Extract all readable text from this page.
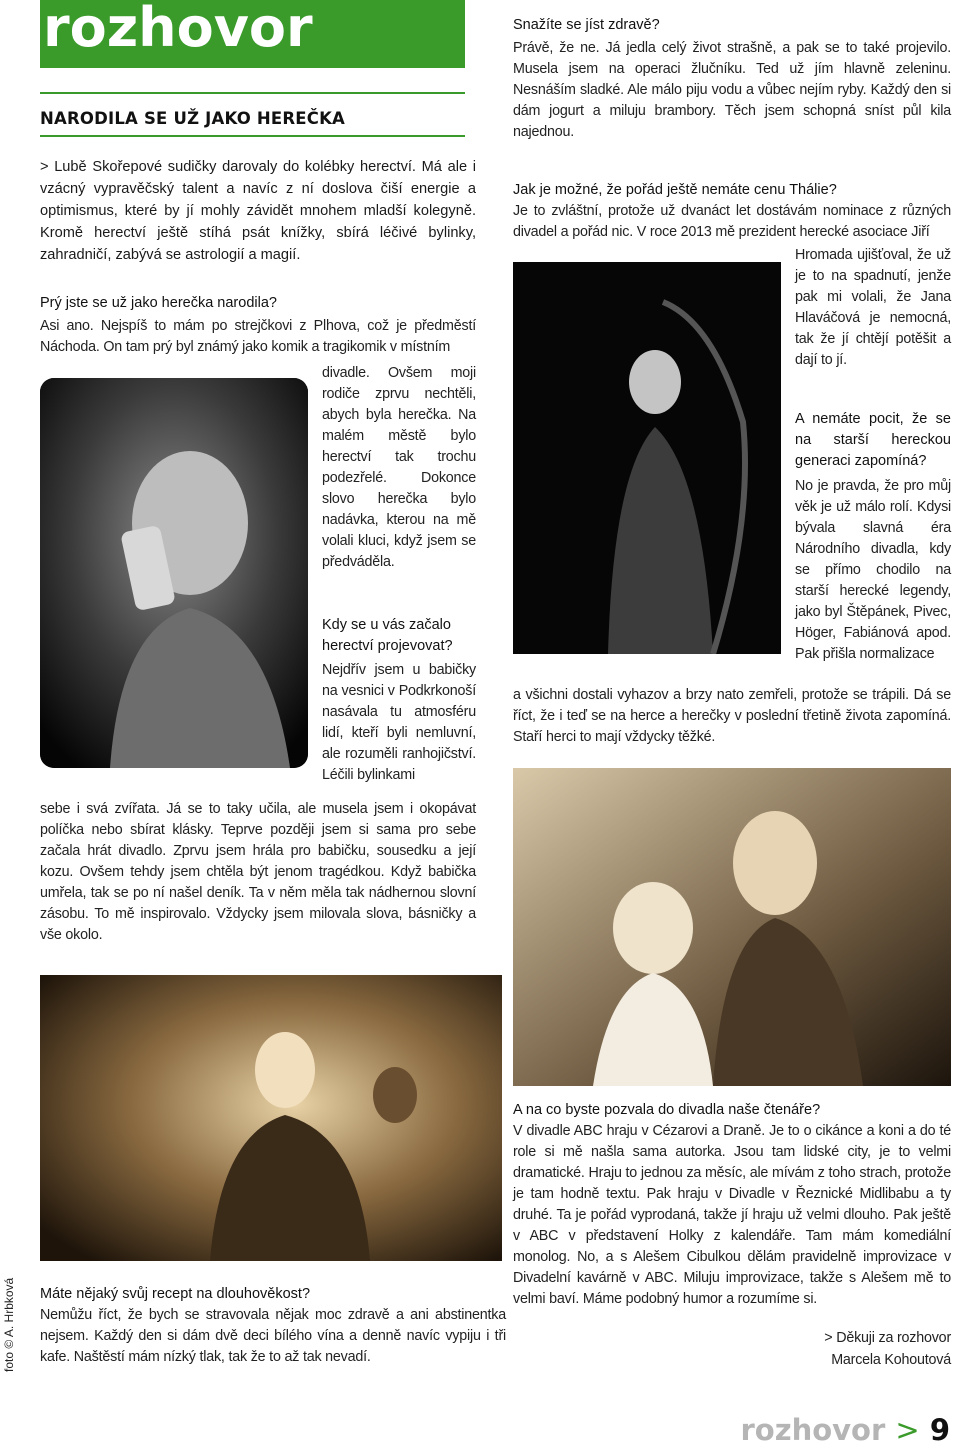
rozhovor
NARODILA SE UŽ JAKO HEREČKA
> Lubě Skořepové sudičky darovaly do kolébky herectví. Má ale i vzácný vypravěčský talent a navíc z ní doslova čiší energie a optimismus, které by jí mohly závidět mnohem mladší kolegyně. Kromě herectví ještě stíhá psát knížky, sbírá léčivé bylinky, zahradničí, zabývá se astrologií a magií.
Prý jste se už jako herečka narodila?
Asi ano. Nejspíš to mám po strejčkovi z Plhova, což je předměstí Náchoda. On tam prý byl známý jako komik a tragikomik v místním
divadle. Ovšem moji rodiče zprvu nechtěli, abych byla herečka. Na malém městě bylo herectví tak trochu podezřelé. Dokonce slovo herečka bylo nadávka, kterou na mě volali kluci, když jsem se předváděla.
Kdy se u vás začalo herectví projevovat?
Nejdřív jsem u babičky na vesnici v Podkrkonoší nasávala tu atmosféru lidí, kteří byli nemluvní, ale rozuměli ranhojičství. Léčili bylinkami
sebe i svá zvířata. Já se to taky učila, ale musela jsem i okopávat políčka nebo sbírat klásky. Teprve později jsem si sama pro sebe začala hrát divadlo. Zprvu jsem hrála pro babičku, sousedku a její kozu. Ovšem tehdy jsem chtěla být jenom tragédkou. Když babička umřela, tak se po ní našel deník. Ta v něm měla tak nádhernou slovní zásobu. To mě inspirovalo. Vždycky jsem milovala slova, básničky a vše okolo.
Máte nějaký svůj recept na dlouhověkost?
Nemůžu říct, že bych se stravovala nějak moc zdravě a ani abstinentka nejsem. Každý den si dám dvě deci bílého vína a denně navíc vypiju i tři kafe. Naštěstí mám nízký tlak, tak že to až tak nevadí.
Snažíte se jíst zdravě?
Právě, že ne. Já jedla celý život strašně, a pak se to také projevilo. Musela jsem na operaci žlučníku. Ted už jím hlavně zeleninu. Nesnáším sladké. Ale málo piju vodu a vůbec nejím ryby. Každý den si dám jogurt a miluju brambory. Těch jsem schopná sníst půl kila najednou.
Jak je možné, že pořád ještě nemáte cenu Thálie?
Je to zvláštní, protože už dvanáct let dostávám nominace z různých divadel a pořád nic. V roce 2013 mě prezident herecké asociace Jiří
Hromada ujišťoval, že už je to na spadnutí, jenže pak mi volali, že Jana Hlaváčová je nemocná, tak že jí chtějí potěšit a dají to jí.
A nemáte pocit, že se na starší hereckou generaci zapomíná?
No je pravda, že pro můj věk je už málo rolí. Kdysi bývala slavná éra Národního divadla, kdy se přímo chodilo na starší herecké legendy, jako byl Štěpánek, Pivec, Höger, Fabiánová apod. Pak přišla normalizace
a všichni dostali vyhazov a brzy nato zemřeli, protože se trápili. Dá se říct, že i teď se na herce a herečky v poslední třetině života zapomíná. Staří herci to mají vždycky těžké.
A na co byste pozvala do divadla naše čtenáře?
V divadle ABC hraju v Cézarovi a Draně. Je to o cikánce a koni a do té role si mě našla sama autorka. Jsou tam lidské city, je to velmi dramatické. Hraju to jednou za měsíc, ale mívám z toho strach, protože je tam hodně textu. Pak hraju v Divadle v Řeznické Midlibabu a ty druhé. Ta je pořád vyprodaná, takže jí hraju už velmi dlouho. Pak ještě v ABC v představení Holky z kalendáře. Tam mám komediální monolog. No, a s Alešem Cibulkou dělám pravidelně improvizace v Divadelní kavárně v ABC. Miluju improvizace, takže s Alešem mě to velmi baví. Máme podobný humor a rozumíme si.
> Děkuji za rozhovor
Marcela Kohoutová
foto © A. Hrbková
rozhovor > 9
